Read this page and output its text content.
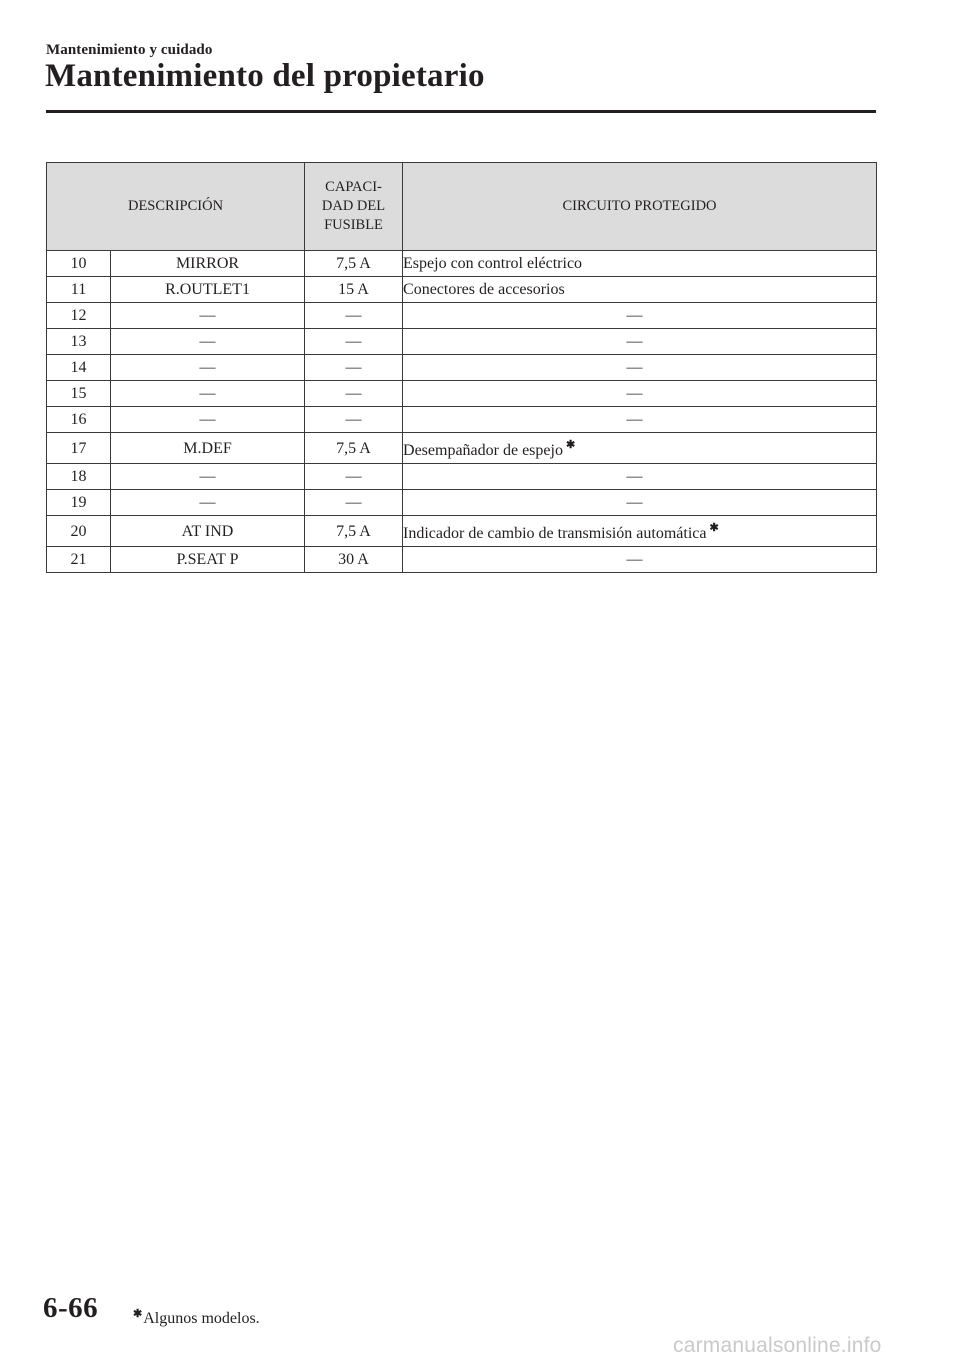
Mantenimiento y cuidado
Mantenimiento del propietario
DESCRIPCIÓN		CAPACI-
DAD DEL
FUSIBLE	CIRCUITO PROTEGIDO
10	MIRROR	7,5 A	Espejo con control eléctrico
11	R.OUTLET1	15 A	Conectores de accesorios
12	—	—	—
13	—	—	—
14	—	—	—
15	—	—	—
16	—	—	—
17	M.DEF	7,5 A	Desempañador de espejo ✱
18	—	—	—
19	—	—	—
20	AT IND	7,5 A	Indicador de cambio de transmisión automática ✱
21	P.SEAT P	30 A	—
6-66	✱Algunos modelos.
carmanualsonline.info
